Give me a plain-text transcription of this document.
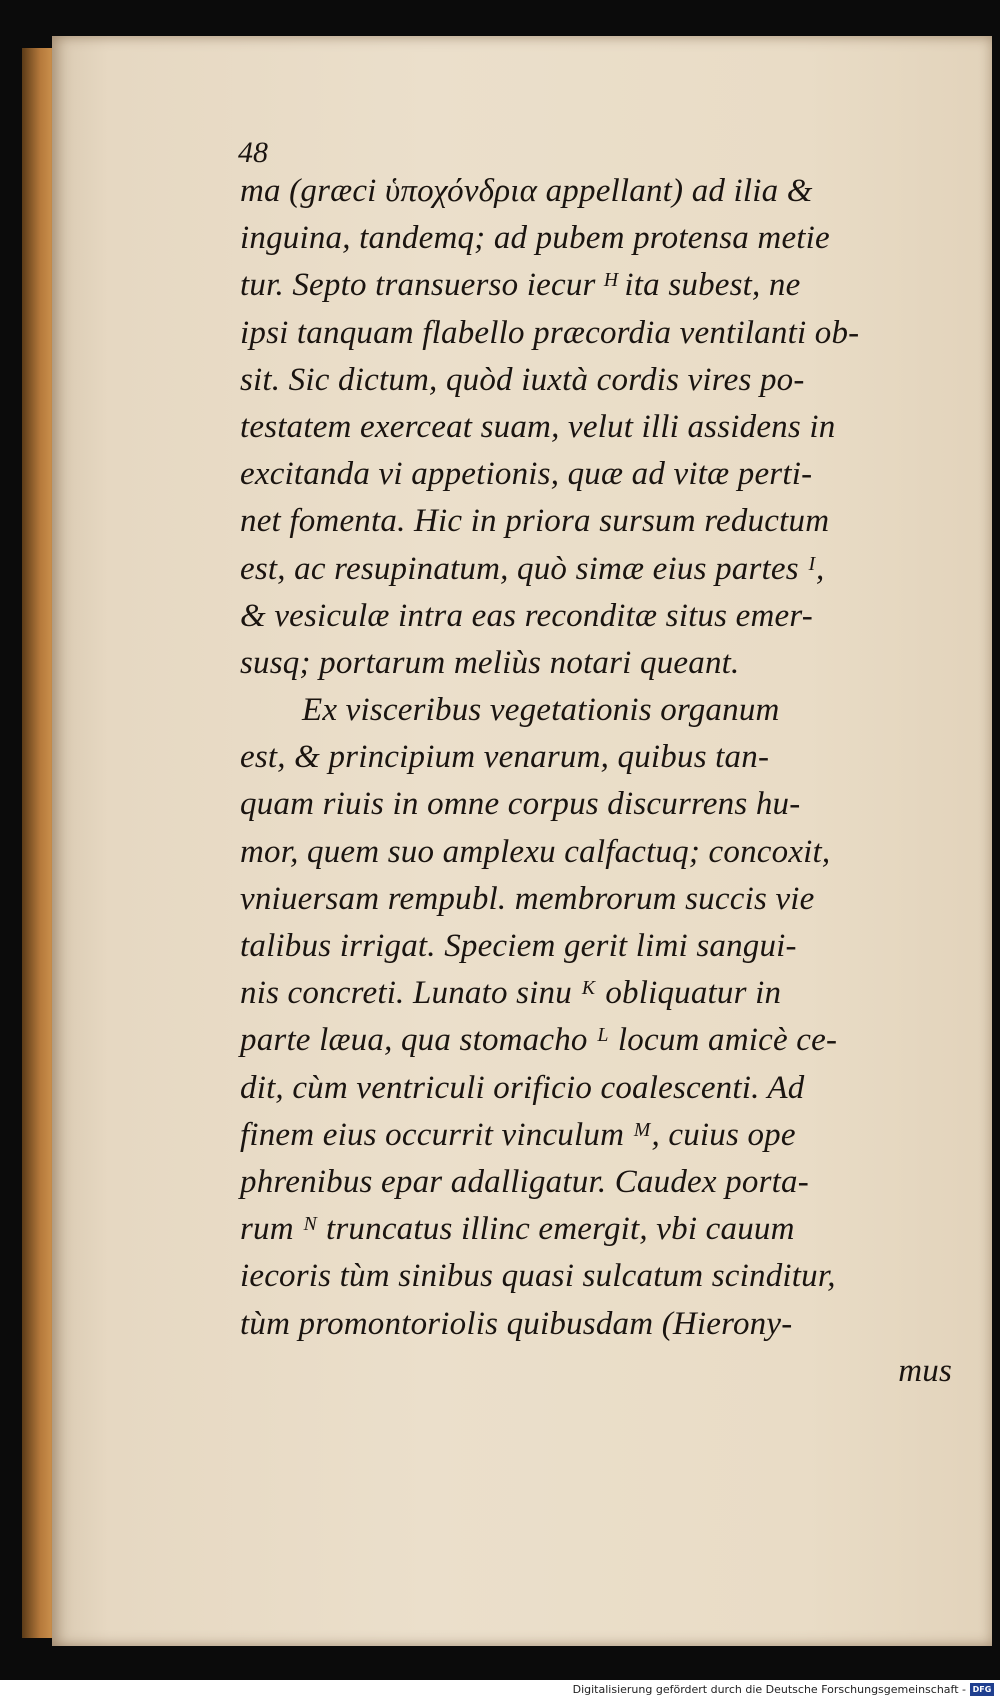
48
ma (græci ὑποχόνδρια appellant) ad ilia &
inguina, tandemq; ad pubem protensa metie
tur. Septo transuerso iecur ᴴ ita subest, ne
ipsi tanquam flabello præcordia ventilanti ob-
sit. Sic dictum, quòd iuxtà cordis vires po-
testatem exerceat suam, velut illi assidens in
excitanda vi appetionis, quæ ad vitæ perti-
net fomenta. Hic in priora sursum reductum
est, ac resupinatum, quò simæ eius partes ᴵ,
& vesiculæ intra eas reconditæ situs emer-
susq; portarum meliùs notari queant.
Ex visceribus vegetationis organum
est, & principium venarum, quibus tan-
quam riuis in omne corpus discurrens hu-
mor, quem suo amplexu calfactuq; concoxit,
vniuersam rempubl. membrorum succis vie
talibus irrigat. Speciem gerit limi sangui-
nis concreti. Lunato sinu ᴷ obliquatur in
parte læua, qua stomacho ᴸ locum amicè ce-
dit, cùm ventriculi orificio coalescenti. Ad
finem eius occurrit vinculum ᴹ, cuius ope
phrenibus epar adalligatur. Caudex porta-
rum ᴺ truncatus illinc emergit, vbi cauum
iecoris tùm sinibus quasi sulcatum scinditur,
tùm promontoriolis quibusdam (Hierony-
mus
Digitalisierung gefördert durch die Deutsche Forschungsgemeinschaft - DFG
